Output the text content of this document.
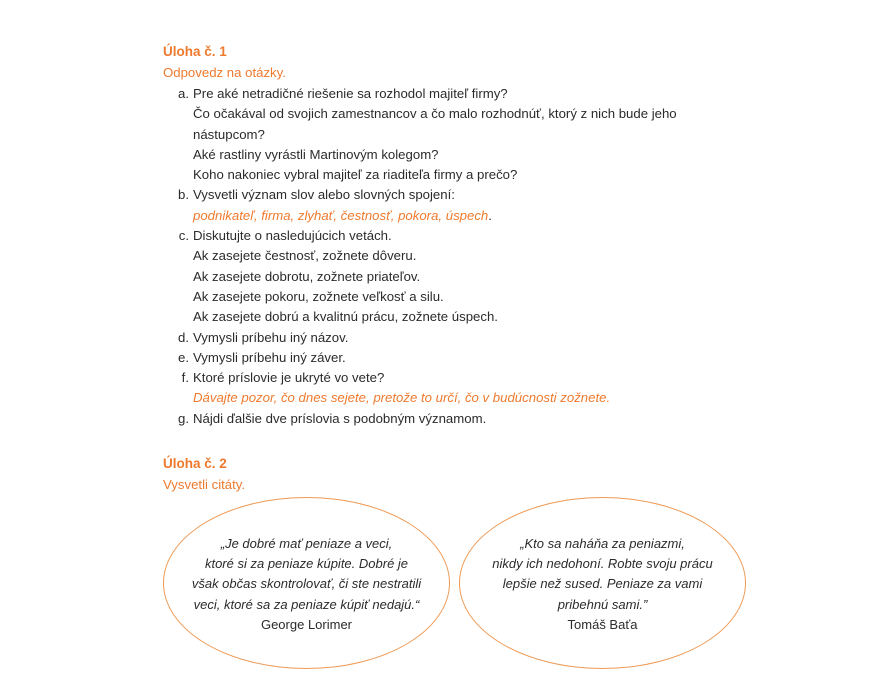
Úloha č. 1
Odpovedz na otázky.
a. Pre aké netradičné riešenie sa rozhodol majiteľ firmy?
Čo očakával od svojich zamestnancov a čo malo rozhodnúť, ktorý z nich bude jeho
nástupcom?
Aké rastliny vyrástli Martinovým kolegom?
Koho nakoniec vybral majiteľ za riaditeľa firmy a prečo?
b. Vysvetli význam slov alebo slovných spojení:
podnikateľ, firma, zlyhať, čestnosť, pokora, úspech.
c. Diskutujte o nasledujúcich vetách.
Ak zasejete čestnosť, zožnete dôveru.
Ak zasejete dobrotu, zožnete priateľov.
Ak zasejete pokoru, zožnete veľkosť a silu.
Ak zasejete dobrú a kvalitnú prácu, zožnete úspech.
d. Vymysli príbehu iný názov.
e. Vymysli príbehu iný záver.
f. Ktoré príslovie je ukryté vo vete?
Dávajte pozor, čo dnes sejete, pretože to určí, čo v budúcnosti zožnete.
g. Nájdi ďalšie dve príslovia s podobným významom.
Úloha č. 2
Vysvetli citáty.
„Je dobré mať peniaze a veci,
ktoré si za peniaze kúpite. Dobré je
však občas skontrolovať, či ste nestratili
veci, ktoré sa za peniaze kúpiť nedajú.“
George Lorimer
„Kto sa naháňa za peniazmi,
nikdy ich nedohoní. Robte svoju prácu
lepšie než sused. Peniaze za vami
pribehnú sami.”
Tomáš Baťa
